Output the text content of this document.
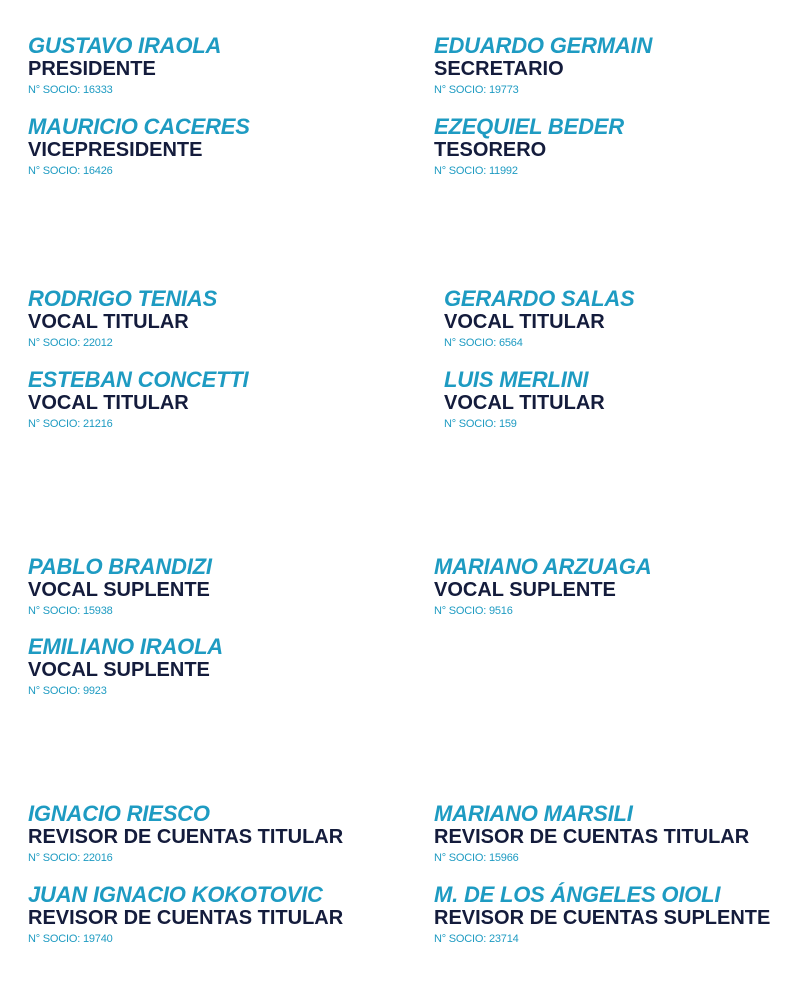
GUSTAVO IRAOLA
PRESIDENTE
N° SOCIO: 16333
EDUARDO GERMAIN
SECRETARIO
N° SOCIO: 19773
MAURICIO CACERES
VICEPRESIDENTE
N° SOCIO: 16426
EZEQUIEL BEDER
TESORERO
N° SOCIO: 11992
RODRIGO TENIAS
VOCAL TITULAR
N° SOCIO: 22012
GERARDO SALAS
VOCAL TITULAR
N° SOCIO: 6564
ESTEBAN CONCETTI
VOCAL TITULAR
N° SOCIO: 21216
LUIS MERLINI
VOCAL TITULAR
N° SOCIO: 159
PABLO BRANDIZI
VOCAL SUPLENTE
N° SOCIO: 15938
MARIANO ARZUAGA
VOCAL SUPLENTE
N° SOCIO: 9516
EMILIANO IRAOLA
VOCAL SUPLENTE
N° SOCIO: 9923
IGNACIO RIESCO
REVISOR DE CUENTAS TITULAR
N° SOCIO: 22016
MARIANO MARSILI
REVISOR DE CUENTAS TITULAR
N° SOCIO: 15966
JUAN IGNACIO KOKOTOVIC
REVISOR DE CUENTAS TITULAR
N° SOCIO: 19740
M. DE LOS ÁNGELES OIOLI
REVISOR DE CUENTAS SUPLENTE
N° SOCIO: 23714
